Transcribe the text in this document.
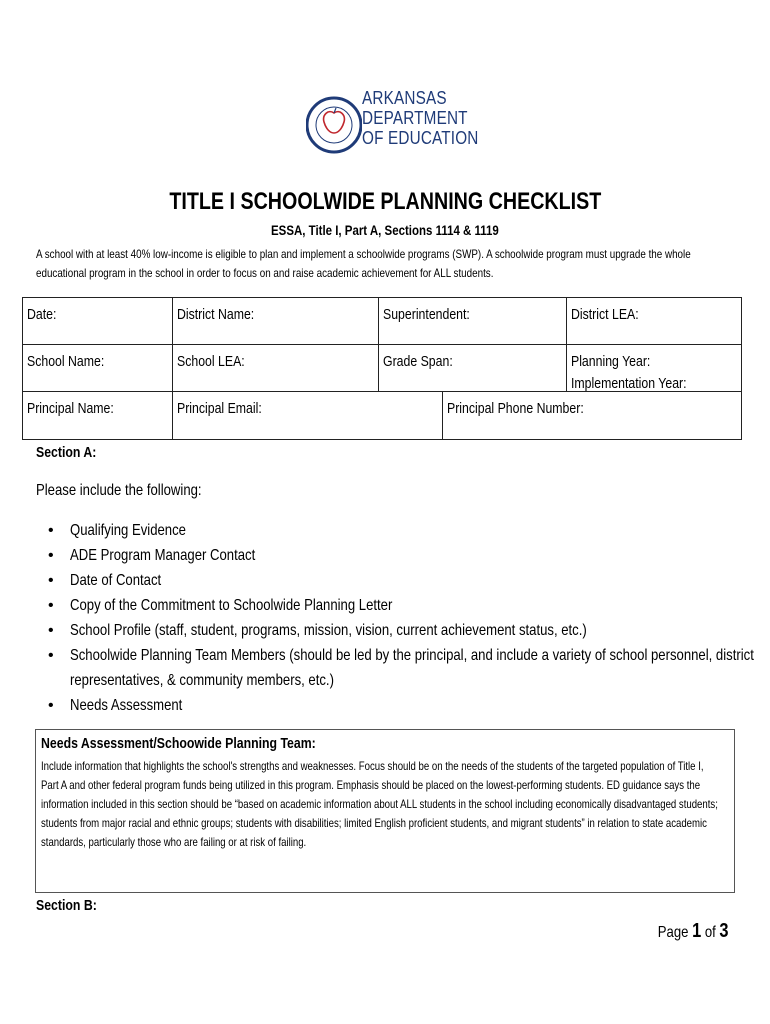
ARKANSAS
DEPARTMENT
OF EDUCATION
TITLE I SCHOOLWIDE PLANNING CHECKLIST
ESSA, Title I, Part A, Sections 1114 & 1119
A school with at least 40% low-income is eligible to plan and implement a schoolwide programs (SWP). A schoolwide program must upgrade the whole
educational program in the school in order to focus on and raise academic achievement for ALL students.
Date:	District Name:	Superintendent:	District LEA:
School Name:	School LEA:	Grade Span:	Planning Year:
Implementation Year:
Principal Name:	Principal Email:	Principal Phone Number:
Section A:
Please include the following:
• Qualifying Evidence
• ADE Program Manager Contact
• Date of Contact
• Copy of the Commitment to Schoolwide Planning Letter
• School Profile (staff, student, programs, mission, vision, current achievement status, etc.)
• Schoolwide Planning Team Members (should be led by the principal, and include a variety of school personnel, district
representatives, & community members, etc.)
• Needs Assessment
Needs Assessment/Schoowide Planning Team:
Include information that highlights the school's strengths and weaknesses. Focus should be on the needs of the students of the targeted population of Title I,
Part A and other federal program funds being utilized in this program. Emphasis should be placed on the lowest-performing students. ED guidance says the
information included in this section should be “based on academic information about ALL students in the school including economically disadvantaged students;
students from major racial and ethnic groups; students with disabilities; limited English proficient students, and migrant students” in relation to state academic
standards, particularly those who are failing or at risk of failing.
Section B:
Page 1 of 3
